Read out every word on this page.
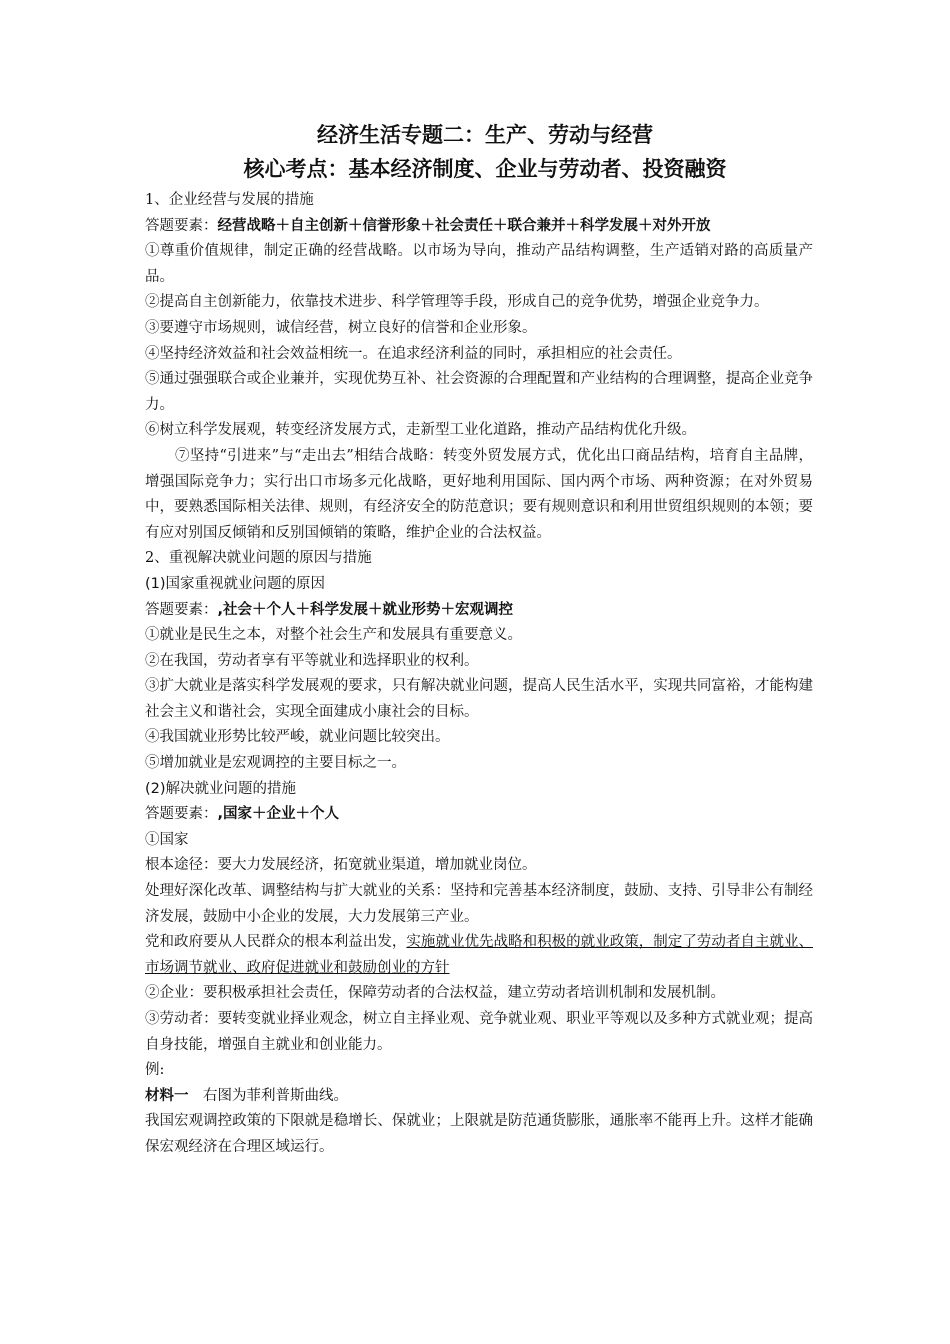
经济生活专题二：生产、劳动与经营
核心考点：基本经济制度、企业与劳动者、投资融资

1、企业经营与发展的措施

答题要素：经营战略＋自主创新＋信誉形象＋社会责任＋联合兼并＋科学发展＋对外开放

①尊重价值规律，制定正确的经营战略。以市场为导向，推动产品结构调整，生产适销对路的高质量产品。

②提高自主创新能力，依靠技术进步、科学管理等手段，形成自己的竞争优势，增强企业竞争力。

③要遵守市场规则，诚信经营，树立良好的信誉和企业形象。

④坚持经济效益和社会效益相统一。在追求经济利益的同时，承担相应的社会责任。

⑤通过强强联合或企业兼并，实现优势互补、社会资源的合理配置和产业结构的合理调整，提高企业竞争力。

⑥树立科学发展观，转变经济发展方式，走新型工业化道路，推动产品结构优化升级。

⑦坚持“引进来”与“走出去”相结合战略：转变外贸发展方式，优化出口商品结构，培育自主品牌，增强国际竞争力；实行出口市场多元化战略，更好地利用国际、国内两个市场、两种资源；在对外贸易中，要熟悉国际相关法律、规则，有经济安全的防范意识；要有规则意识和利用世贸组织规则的本领；要有应对别国反倾销和反别国倾销的策略，维护企业的合法权益。

2、重视解决就业问题的原因与措施

(1)国家重视就业问题的原因

答题要素：,社会＋个人＋科学发展＋就业形势＋宏观调控

①就业是民生之本，对整个社会生产和发展具有重要意义。

②在我国，劳动者享有平等就业和选择职业的权利。

③扩大就业是落实科学发展观的要求，只有解决就业问题，提高人民生活水平，实现共同富裕，才能构建社会主义和谐社会，实现全面建成小康社会的目标。

④我国就业形势比较严峻，就业问题比较突出。

⑤增加就业是宏观调控的主要目标之一。

(2)解决就业问题的措施

答题要素：,国家＋企业＋个人

①国家

根本途径：要大力发展经济，拓宽就业渠道，增加就业岗位。

处理好深化改革、调整结构与扩大就业的关系：坚持和完善基本经济制度，鼓励、支持、引导非公有制经济发展，鼓励中小企业的发展，大力发展第三产业。

党和政府要从人民群众的根本利益出发，实施就业优先战略和积极的就业政策，制定了劳动者自主就业、市场调节就业、政府促进就业和鼓励创业的方针

②企业：要积极承担社会责任，保障劳动者的合法权益，建立劳动者培训机制和发展机制。

③劳动者：要转变就业择业观念，树立自主择业观、竞争就业观、职业平等观以及多种方式就业观；提高自身技能，增强自主就业和创业能力。

例:

材料一　右图为菲利普斯曲线。

我国宏观调控政策的下限就是稳增长、保就业；上限就是防范通货膨胀，通胀率不能再上升。这样才能确保宏观经济在合理区域运行。
